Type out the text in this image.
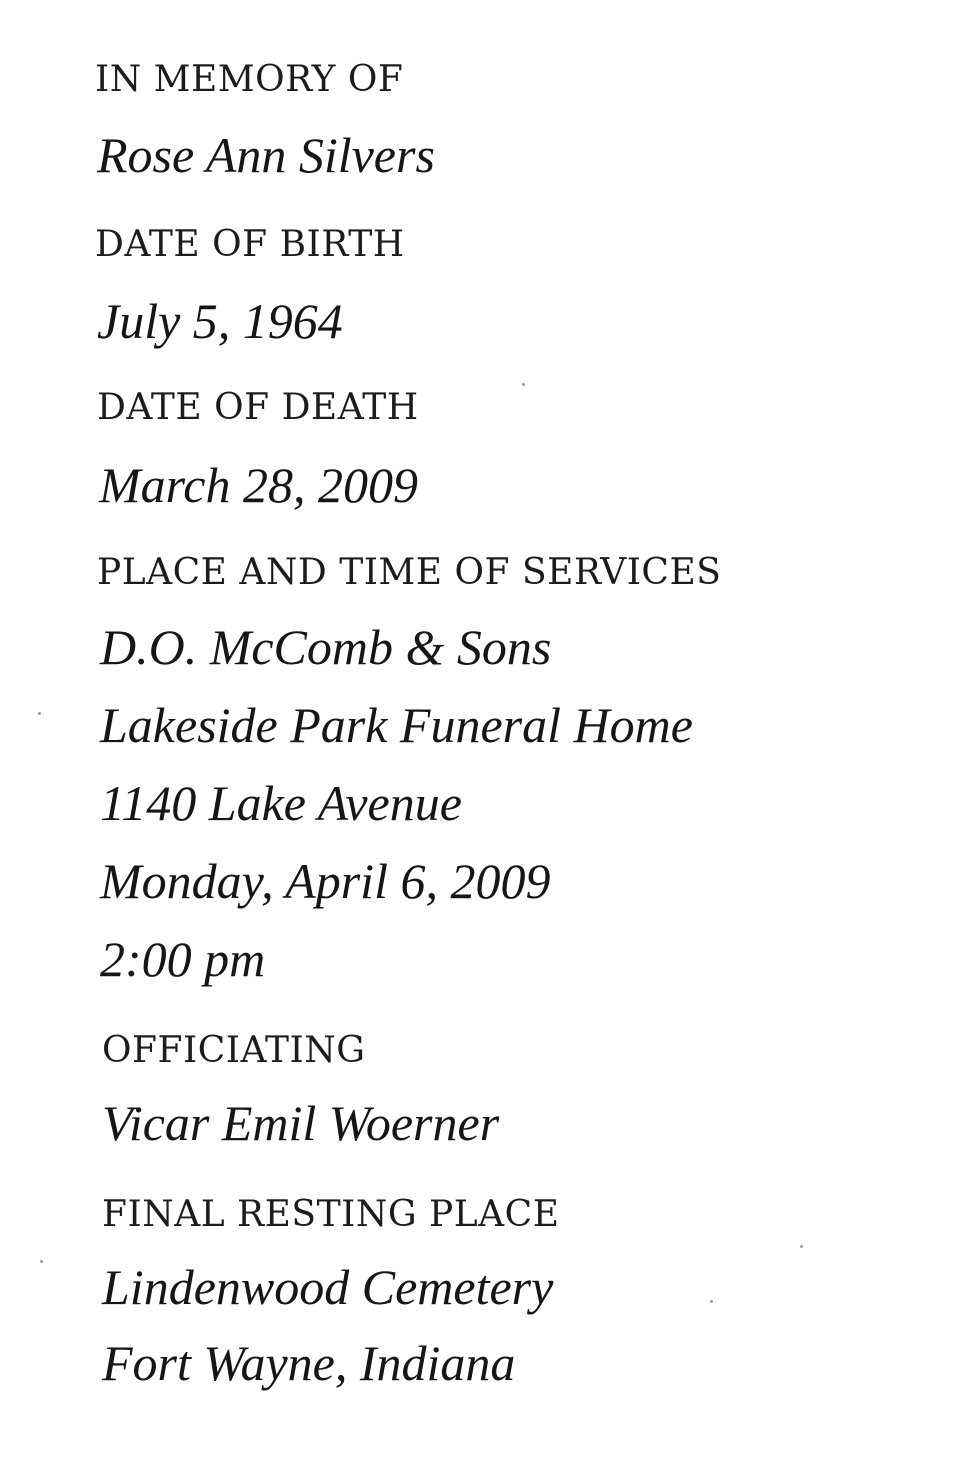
IN MEMORY OF
Rose Ann Silvers
DATE OF BIRTH
July 5, 1964
DATE OF DEATH
March 28, 2009
PLACE AND TIME OF SERVICES
D.O. McComb & Sons
Lakeside Park Funeral Home
1140 Lake Avenue
Monday, April 6, 2009
2:00 pm
OFFICIATING
Vicar Emil Woerner
FINAL RESTING PLACE
Lindenwood Cemetery
Fort Wayne, Indiana
